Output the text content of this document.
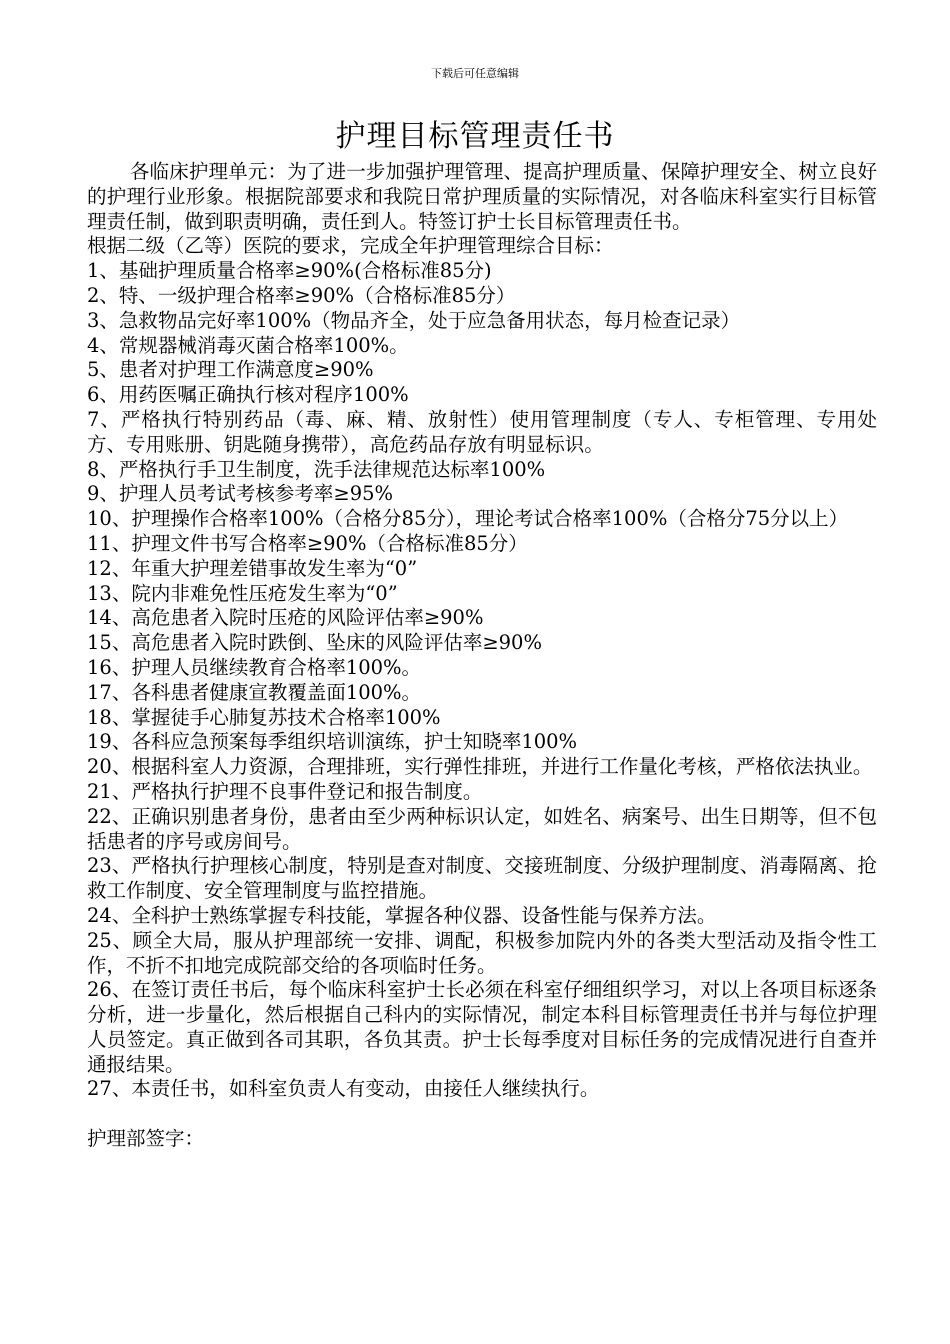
下载后可任意编辑
护理目标管理责任书

各临床护理单元：为了进一步加强护理管理、提高护理质量、保障护理安全、树立良好的护理行业形象。根据院部要求和我院日常护理质量的实际情况，对各临床科室实行目标管理责任制，做到职责明确，责任到人。特签订护士长目标管理责任书。

根据二级（乙等）医院的要求，完成全年护理管理综合目标：

1、基础护理质量合格率≥90%(合格标准85分)

2、特、一级护理合格率≥90%（合格标准85分）

3、急救物品完好率100%（物品齐全，处于应急备用状态，每月检查记录）

4、常规器械消毒灭菌合格率100%。

5、患者对护理工作满意度≥90%

6、用药医嘱正确执行核对程序100%

7、严格执行特别药品（毒、麻、精、放射性）使用管理制度（专人、专柜管理、专用处方、专用账册、钥匙随身携带），高危药品存放有明显标识。

8、严格执行手卫生制度，洗手法律规范达标率100%

9、护理人员考试考核参考率≥95%

10、护理操作合格率100%（合格分85分），理论考试合格率100%（合格分75分以上）

11、护理文件书写合格率≥90%（合格标准85分）

12、年重大护理差错事故发生率为“0”

13、院内非难免性压疮发生率为“0”

14、高危患者入院时压疮的风险评估率≥90%

15、高危患者入院时跌倒、坠床的风险评估率≥90%

16、护理人员继续教育合格率100%。

17、各科患者健康宣教覆盖面100%。

18、掌握徒手心肺复苏技术合格率100%

19、各科应急预案每季组织培训演练，护士知晓率100%

20、根据科室人力资源，合理排班，实行弹性排班，并进行工作量化考核，严格依法执业。

21、严格执行护理不良事件登记和报告制度。

22、正确识别患者身份，患者由至少两种标识认定，如姓名、病案号、出生日期等，但不包括患者的序号或房间号。

23、严格执行护理核心制度，特别是查对制度、交接班制度、分级护理制度、消毒隔离、抢救工作制度、安全管理制度与监控措施。

24、全科护士熟练掌握专科技能，掌握各种仪器、设备性能与保养方法。

25、顾全大局，服从护理部统一安排、调配，积极参加院内外的各类大型活动及指令性工作，不折不扣地完成院部交给的各项临时任务。

26、在签订责任书后，每个临床科室护士长必须在科室仔细组织学习，对以上各项目标逐条分析，进一步量化，然后根据自己科内的实际情况，制定本科目标管理责任书并与每位护理人员签定。真正做到各司其职，各负其责。护士长每季度对目标任务的完成情况进行自查并通报结果。

27、本责任书，如科室负责人有变动，由接任人继续执行。

护理部签字：
